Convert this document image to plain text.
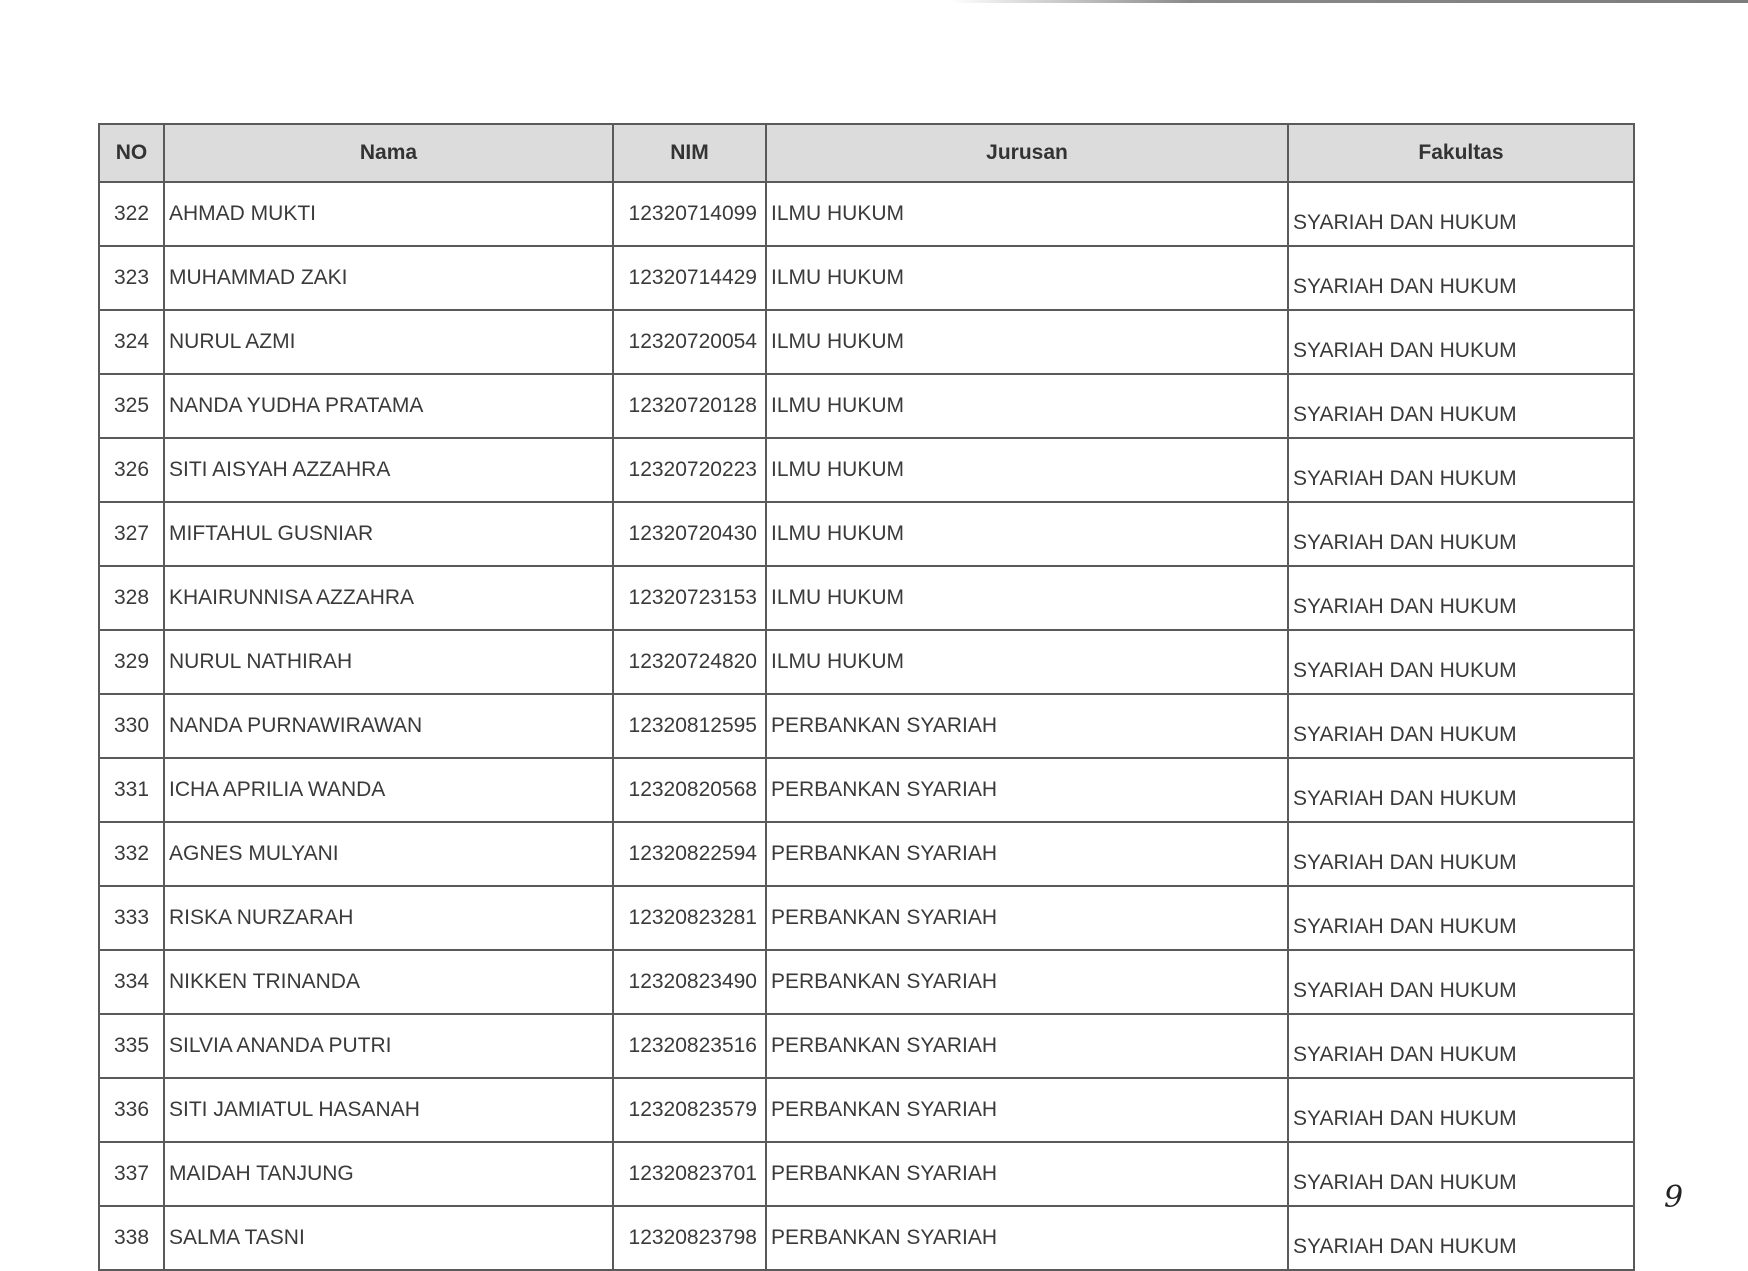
NO	Nama	NIM	Jurusan	Fakultas
322	AHMAD MUKTI	12320714099	ILMU HUKUM	SYARIAH DAN HUKUM
323	MUHAMMAD ZAKI	12320714429	ILMU HUKUM	SYARIAH DAN HUKUM
324	NURUL AZMI	12320720054	ILMU HUKUM	SYARIAH DAN HUKUM
325	NANDA YUDHA PRATAMA	12320720128	ILMU HUKUM	SYARIAH DAN HUKUM
326	SITI AISYAH AZZAHRA	12320720223	ILMU HUKUM	SYARIAH DAN HUKUM
327	MIFTAHUL GUSNIAR	12320720430	ILMU HUKUM	SYARIAH DAN HUKUM
328	KHAIRUNNISA AZZAHRA	12320723153	ILMU HUKUM	SYARIAH DAN HUKUM
329	NURUL NATHIRAH	12320724820	ILMU HUKUM	SYARIAH DAN HUKUM
330	NANDA PURNAWIRAWAN	12320812595	PERBANKAN SYARIAH	SYARIAH DAN HUKUM
331	ICHA APRILIA WANDA	12320820568	PERBANKAN SYARIAH	SYARIAH DAN HUKUM
332	AGNES MULYANI	12320822594	PERBANKAN SYARIAH	SYARIAH DAN HUKUM
333	RISKA NURZARAH	12320823281	PERBANKAN SYARIAH	SYARIAH DAN HUKUM
334	NIKKEN TRINANDA	12320823490	PERBANKAN SYARIAH	SYARIAH DAN HUKUM
335	SILVIA ANANDA PUTRI	12320823516	PERBANKAN SYARIAH	SYARIAH DAN HUKUM
336	SITI JAMIATUL HASANAH	12320823579	PERBANKAN SYARIAH	SYARIAH DAN HUKUM
337	MAIDAH TANJUNG	12320823701	PERBANKAN SYARIAH	SYARIAH DAN HUKUM
338	SALMA TASNI	12320823798	PERBANKAN SYARIAH	SYARIAH DAN HUKUM
9
